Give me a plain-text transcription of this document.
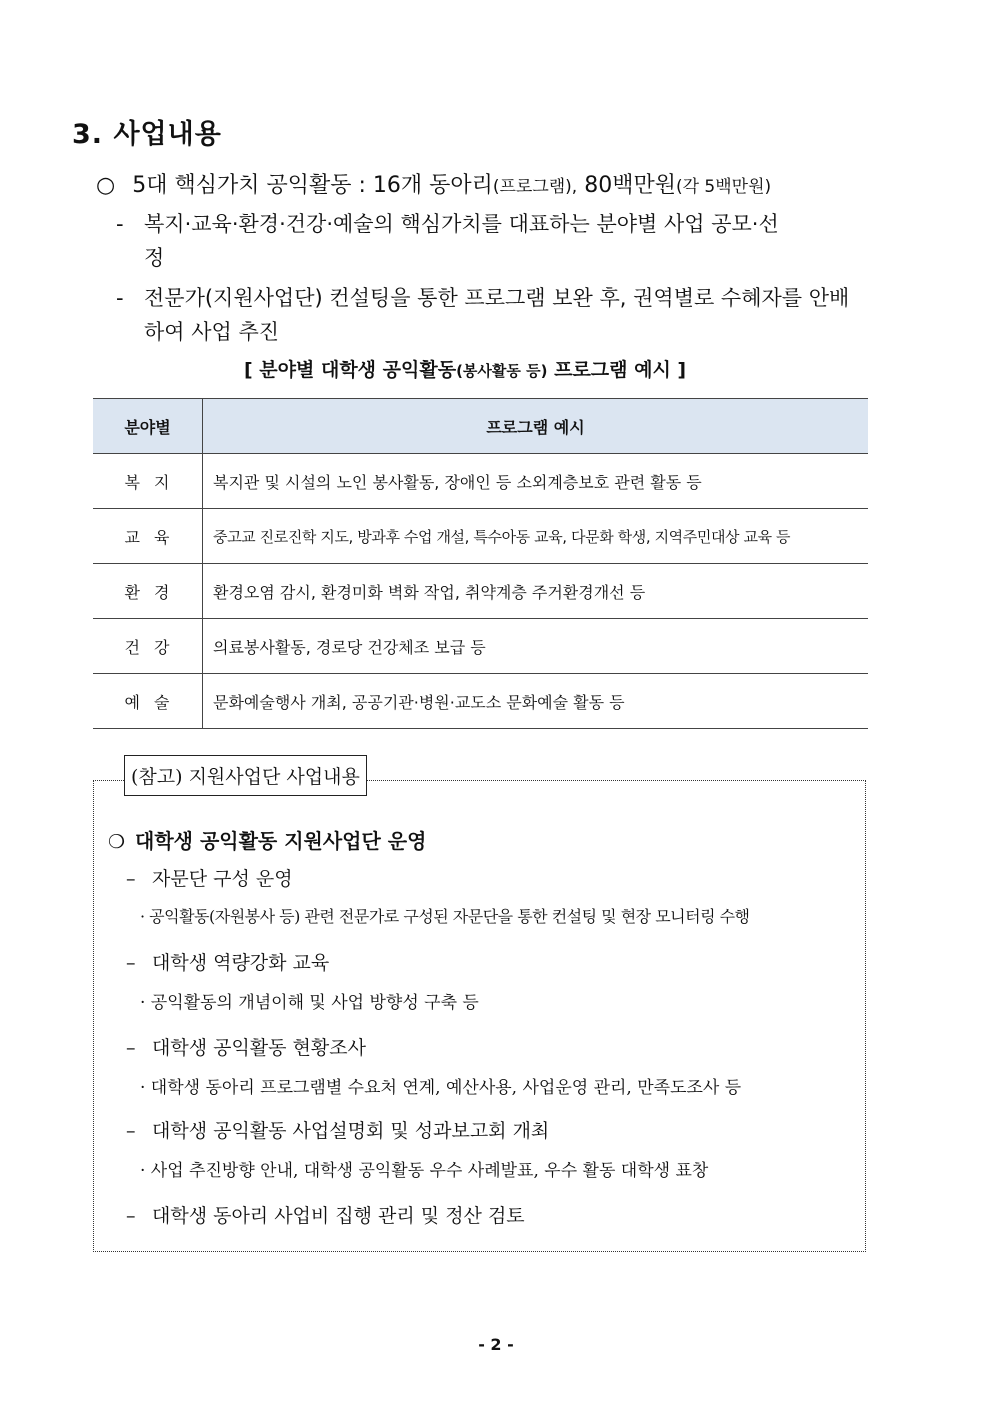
3. 사업내용
○ 5대 핵심가치 공익활동 : 16개 동아리(프로그램), 80백만원(각 5백만원)
- 복지·교육·환경·건강·예술의 핵심가치를 대표하는 분야별 사업 공모·선
정
- 전문가(지원사업단) 컨설팅을 통한 프로그램 보완 후, 권역별로 수혜자를 안배
하여 사업 추진
[ 분야별 대학생 공익활동(봉사활동 등) 프로그램 예시 ]
분야별	프로그램 예시
복지	복지관 및 시설의 노인 봉사활동, 장애인 등 소외계층보호 관련 활동 등
교육	중고교 진로진학 지도, 방과후 수업 개설, 특수아동 교육, 다문화 학생, 지역주민대상 교육 등
환경	환경오염 감시, 환경미화 벽화 작업, 취약계층 주거환경개선 등
건강	의료봉사활동, 경로당 건강체조 보급 등
예술	문화예술행사 개최, 공공기관·병원·교도소 문화예술 활동 등
(참고) 지원사업단 사업내용
❍ 대학생 공익활동 지원사업단 운영
– 자문단 구성 운영
· 공익활동(자원봉사 등) 관련 전문가로 구성된 자문단을 통한 컨설팅 및 현장 모니터링 수행
– 대학생 역량강화 교육
· 공익활동의 개념이해 및 사업 방향성 구축 등
– 대학생 공익활동 현황조사
· 대학생 동아리 프로그램별 수요처 연계, 예산사용, 사업운영 관리, 만족도조사 등
– 대학생 공익활동 사업설명회 및 성과보고회 개최
· 사업 추진방향 안내, 대학생 공익활동 우수 사례발표, 우수 활동 대학생 표창
– 대학생 동아리 사업비 집행 관리 및 정산 검토
- 2 -
